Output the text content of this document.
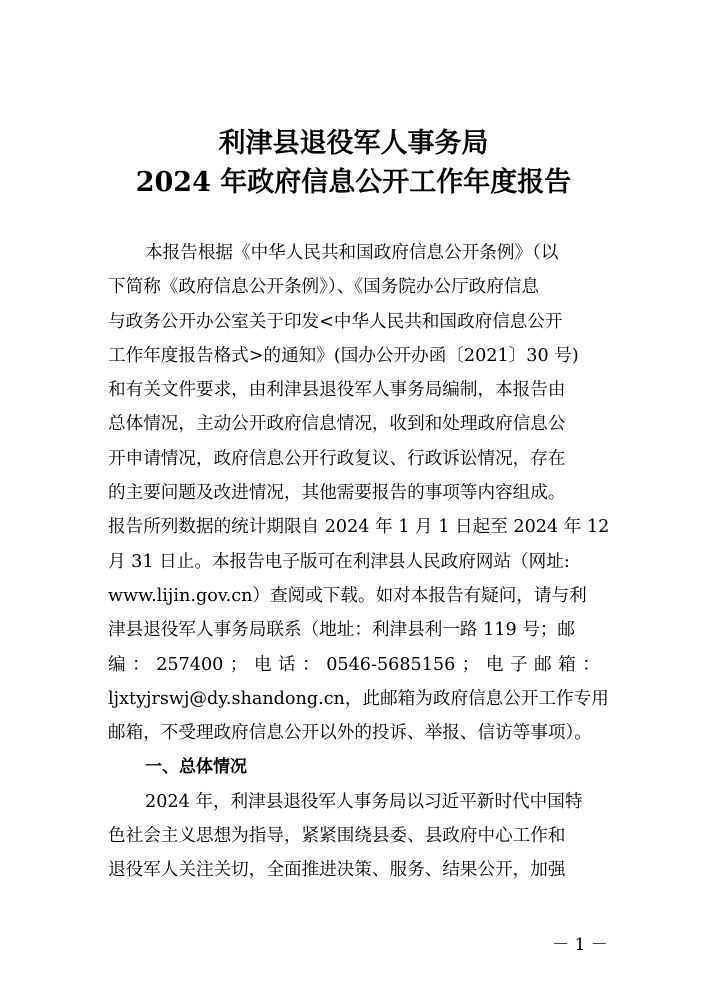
利津县退役军人事务局
2024 年政府信息公开工作年度报告
本报告根据《中华人民共和国政府信息公开条例》（以
下简称《政府信息公开条例》）、《国务院办公厅政府信息
与政务公开办公室关于印发<中华人民共和国政府信息公开
工作年度报告格式>的通知》(国办公开办函〔2021〕30 号)
和有关文件要求，由利津县退役军人事务局编制，本报告由
总体情况，主动公开政府信息情况，收到和处理政府信息公
开申请情况，政府信息公开行政复议、行政诉讼情况，存在
的主要问题及改进情况，其他需要报告的事项等内容组成。
报告所列数据的统计期限自 2024 年 1 月 1 日起至 2024 年 12
月 31 日止。本报告电子版可在利津县人民政府网站（网址:
www.lijin.gov.cn）查阅或下载。如对本报告有疑问，请与利
津县退役军人事务局联系（地址：利津县利一路 119 号；邮
编 ： 257400 ； 电 话 ： 0546-5685156 ； 电 子 邮 箱 ：
ljxtyjrswj@dy.shandong.cn，此邮箱为政府信息公开工作专用
邮箱，不受理政府信息公开以外的投诉、举报、信访等事项）。
一、总体情况
2024 年，利津县退役军人事务局以习近平新时代中国特
色社会主义思想为指导，紧紧围绕县委、县政府中心工作和
退役军人关注关切，全面推进决策、服务、结果公开，加强
－ 1 －
